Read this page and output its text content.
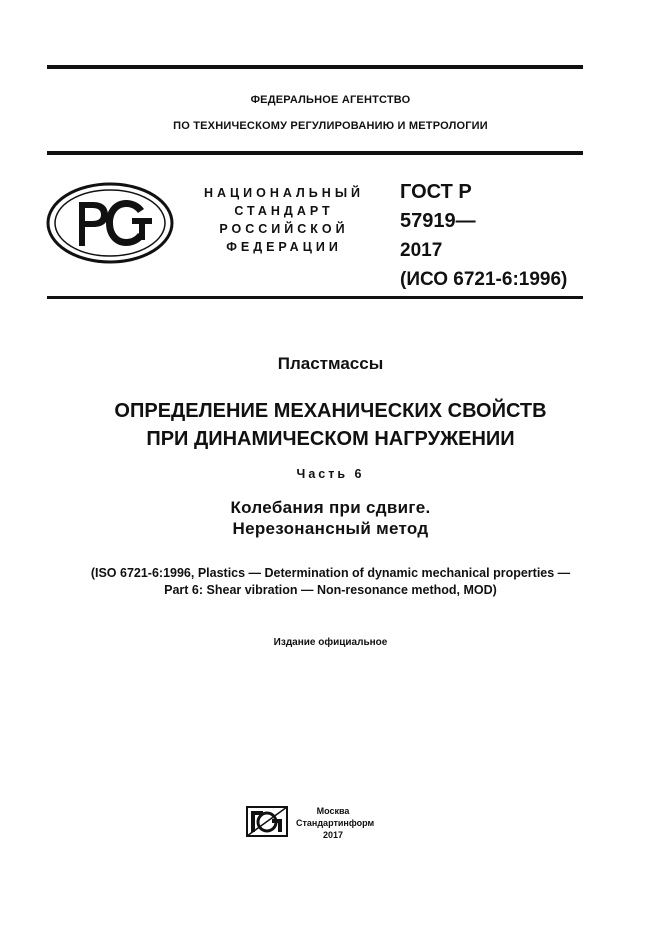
ФЕДЕРАЛЬНОЕ АГЕНТСТВО
ПО ТЕХНИЧЕСКОМУ РЕГУЛИРОВАНИЮ И МЕТРОЛОГИИ
НАЦИОНАЛЬНЫЙ
СТАНДАРТ
РОССИЙСКОЙ
ФЕДЕРАЦИИ
ГОСТ Р
57919—
2017
(ИСО 6721-6:1996)
Пластмассы
ОПРЕДЕЛЕНИЕ МЕХАНИЧЕСКИХ СВОЙСТВ
ПРИ ДИНАМИЧЕСКОМ НАГРУЖЕНИИ
Часть 6
Колебания при сдвиге.
Нерезонансный метод
(ISO 6721-6:1996, Plastics — Determination of dynamic mechanical properties —
Part 6: Shear vibration — Non-resonance method, MOD)
Издание официальное
Москва
Стандартинформ
2017
